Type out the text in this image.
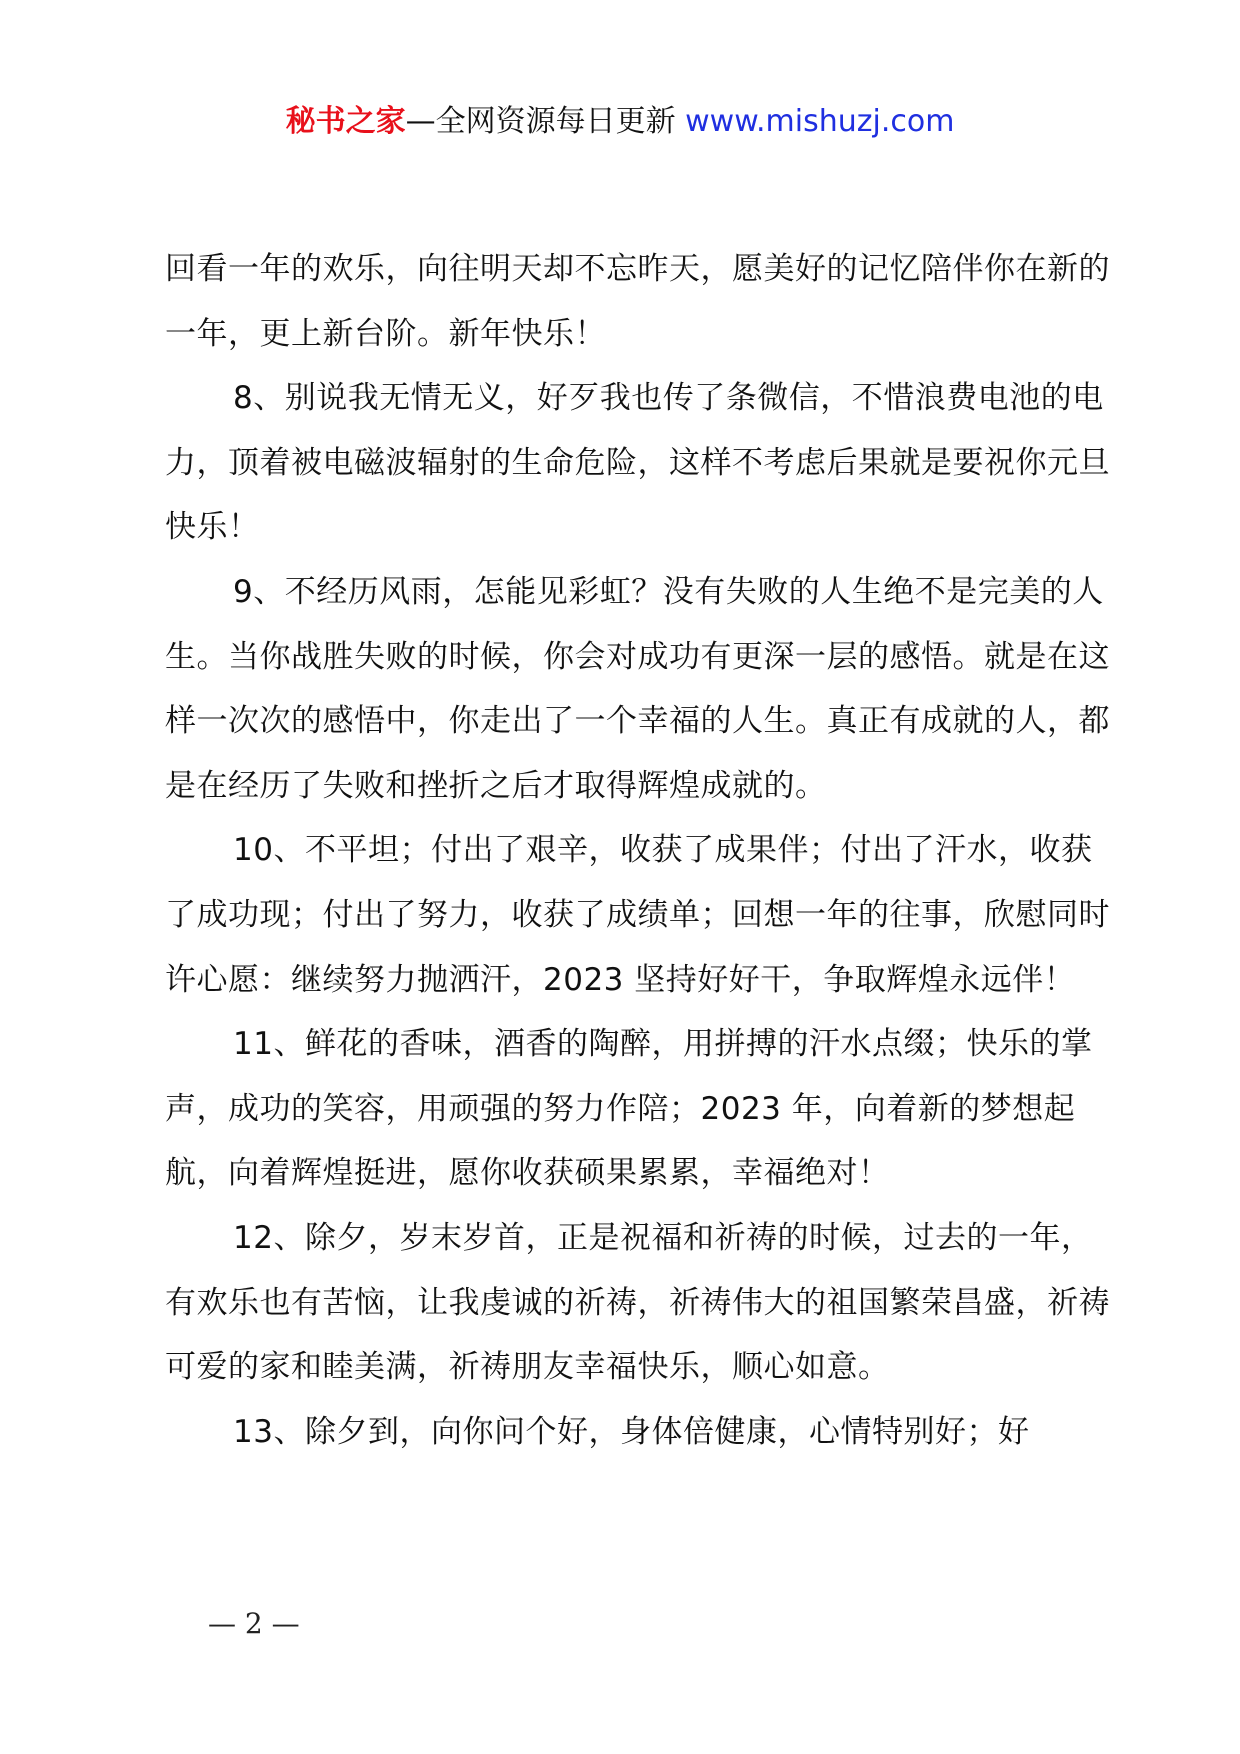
秘书之家—全网资源每日更新 www.mishuzj.com

回看一年的欢乐，向往明天却不忘昨天，愿美好的记忆陪伴你在新的一年，更上新台阶。新年快乐！

8、别说我无情无义，好歹我也传了条微信，不惜浪费电池的电力，顶着被电磁波辐射的生命危险，这样不考虑后果就是要祝你元旦快乐！

9、不经历风雨，怎能见彩虹？没有失败的人生绝不是完美的人生。当你战胜失败的时候，你会对成功有更深一层的感悟。就是在这样一次次的感悟中，你走出了一个幸福的人生。真正有成就的人，都是在经历了失败和挫折之后才取得辉煌成就的。

10、不平坦；付出了艰辛，收获了成果伴；付出了汗水，收获了成功现；付出了努力，收获了成绩单；回想一年的往事，欣慰同时许心愿：继续努力抛洒汗，2023 坚持好好干，争取辉煌永远伴！

11、鲜花的香味，酒香的陶醉，用拼搏的汗水点缀；快乐的掌声，成功的笑容，用顽强的努力作陪；2023 年，向着新的梦想起航，向着辉煌挺进，愿你收获硕果累累，幸福绝对！

12、除夕，岁末岁首，正是祝福和祈祷的时候，过去的一年，有欢乐也有苦恼，让我虔诚的祈祷，祈祷伟大的祖国繁荣昌盛，祈祷可爱的家和睦美满，祈祷朋友幸福快乐，顺心如意。

13、除夕到，向你问个好，身体倍健康，心情特别好；好

— 2 —
